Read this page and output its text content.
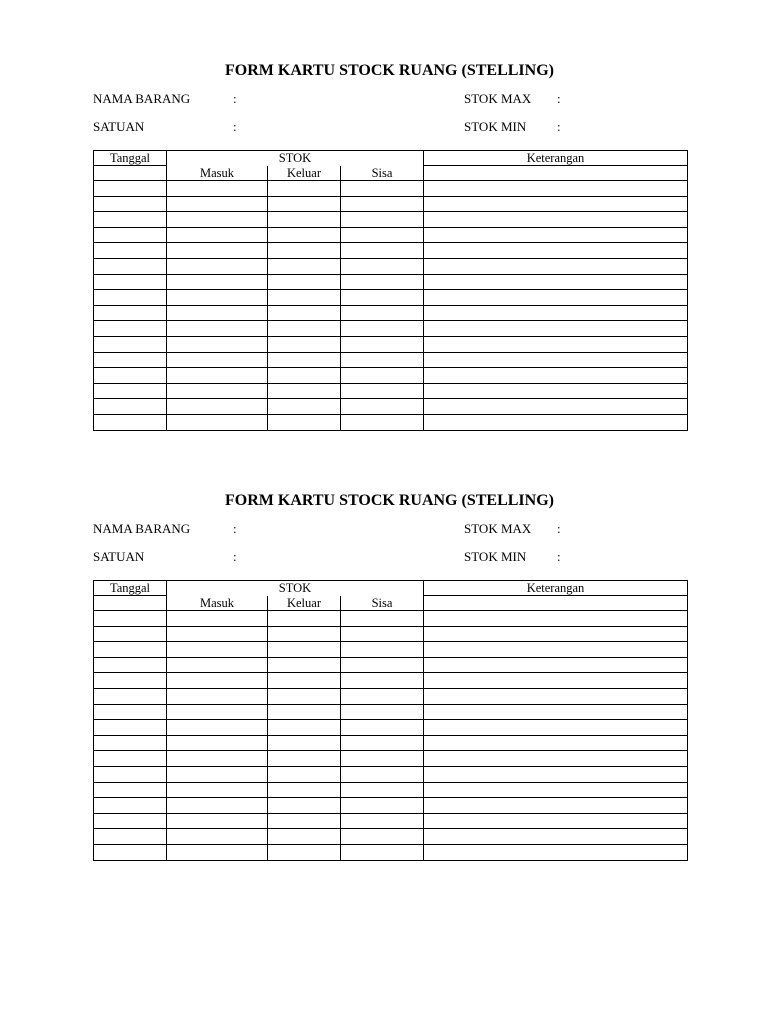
FORM KARTU STOCK RUANG (STELLING)
NAMA BARANG	:	STOK MAX :
SATUAN	:	STOK MIN :
Tanggal	STOK			Keterangan
	Masuk	Keluar	Sisa	

FORM KARTU STOCK RUANG (STELLING)
NAMA BARANG	:	STOK MAX :
SATUAN	:	STOK MIN :
Tanggal	STOK			Keterangan
	Masuk	Keluar	Sisa	
